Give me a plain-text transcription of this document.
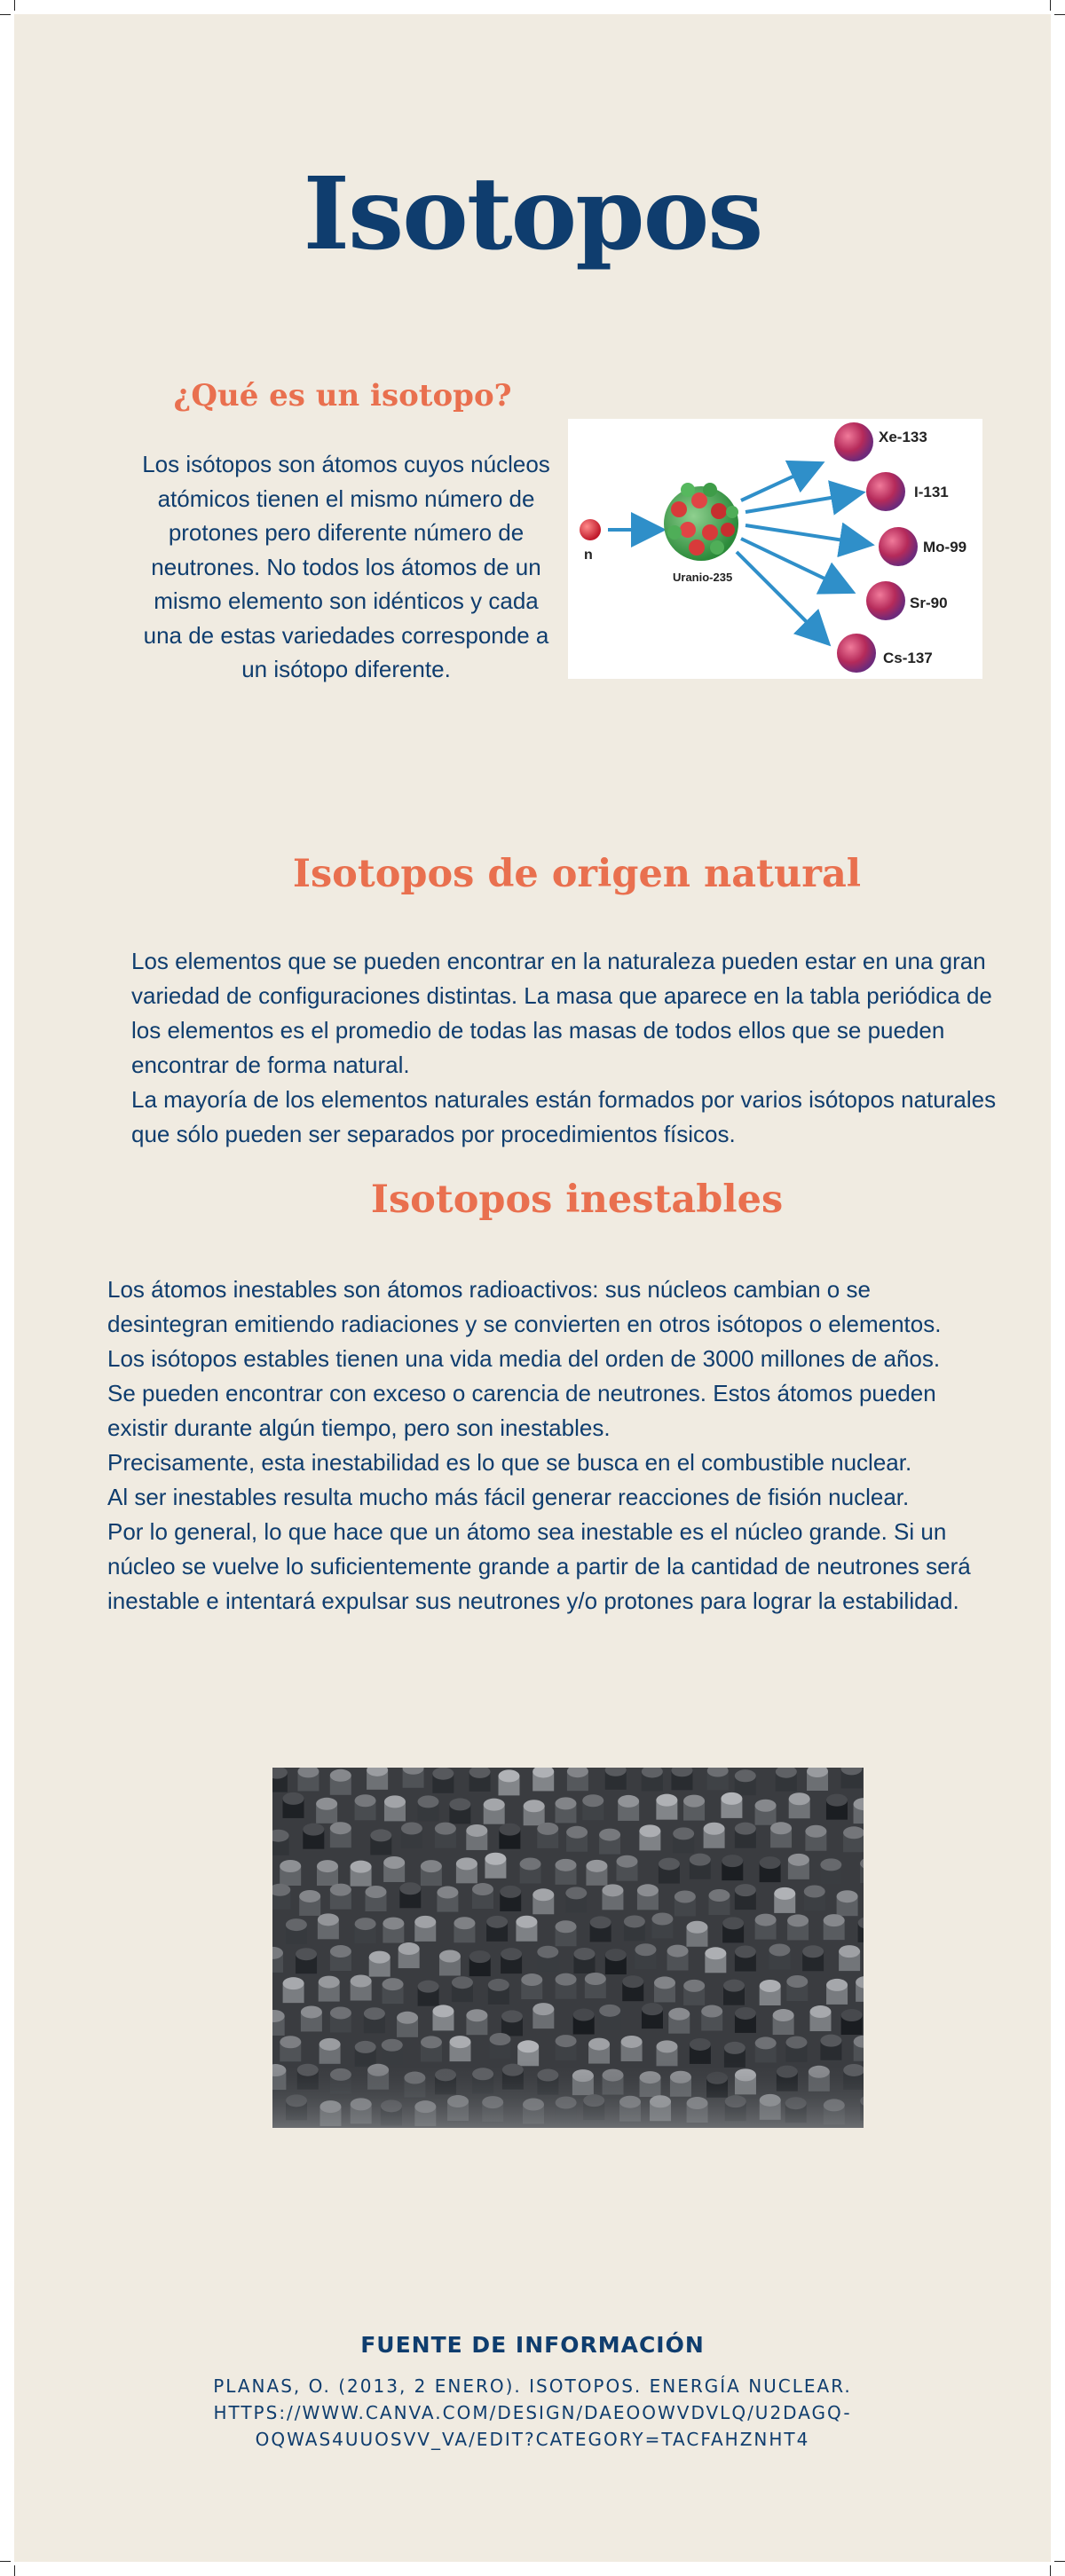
Isotopos
¿Qué es un isotopo?
Los isótopos son átomos cuyos núcleos atómicos tienen el mismo número de protones pero diferente número de neutrones. No todos los átomos de un mismo elemento son idénticos y cada una de estas variedades corresponde a un isótopo diferente.
n
Uranio-235
Xe-133
I-131
Mo-99
Sr-90
Cs-137
Isotopos de origen natural

Los elementos que se pueden encontrar en la naturaleza pueden estar en una gran variedad de configuraciones distintas. La masa que aparece en la tabla periódica de los elementos es el promedio de todas las masas de todos ellos que se pueden encontrar de forma natural.

La mayoría de los elementos naturales están formados por varios isótopos naturales que sólo pueden ser separados por procedimientos físicos.

Isotopos inestables

Los átomos inestables son átomos radioactivos: sus núcleos cambian o se desintegran emitiendo radiaciones y se convierten en otros isótopos o elementos.

Los isótopos estables tienen una vida media del orden de 3000 millones de años.

Se pueden encontrar con exceso o carencia de neutrones. Estos átomos pueden existir durante algún tiempo, pero son inestables.

Precisamente, esta inestabilidad es lo que se busca en el combustible nuclear.

Al ser inestables resulta mucho más fácil generar reacciones de fisión nuclear.

Por lo general, lo que hace que un átomo sea inestable es el núcleo grande. Si un núcleo se vuelve lo suficientemente grande a partir de la cantidad de neutrones será inestable e intentará expulsar sus neutrones y/o protones para lograr la estabilidad.

FUENTE DE INFORMACIÓN
PLANAS, O. (2013, 2 ENERO). ISOTOPOS. ENERGÍA NUCLEAR.
HTTPS://WWW.CANVA.COM/DESIGN/DAEOOWVDVLQ/U2DAGQ-
OQWAS4UUOSVV_VA/EDIT?CATEGORY=TACFAHZNHT4
